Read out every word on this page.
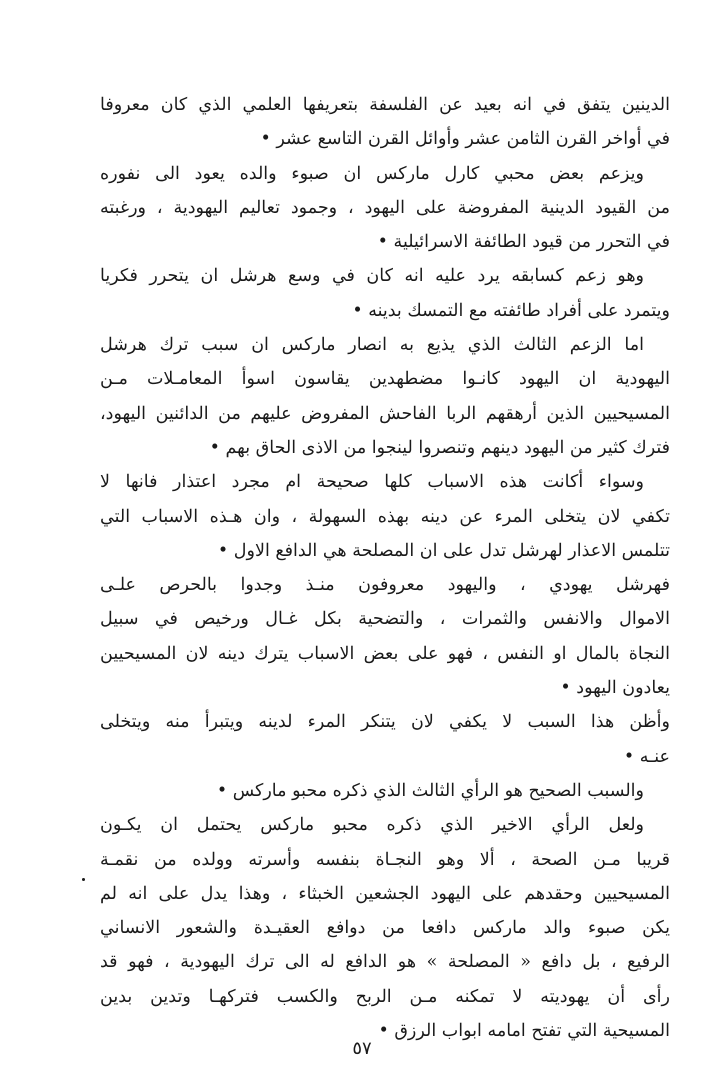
الدينين يتفق في انه بعيد عن الفلسفة بتعريفها العلمي الذي كان معروفا
في أواخر القرن الثامن عشر وأوائل القرن التاسع عشر •
ويزعم بعض محبي كارل ماركس ان صبوء والده يعود الى نفوره
من القيود الدينية المفروضة على اليهود ، وجمود تعاليم اليهودية ، ورغبته
في التحرر من قيود الطائفة الاسرائيلية •
وهو زعم كسابقه يرد عليه انه كان في وسع هرشل ان يتحرر فكريا
ويتمرد على أفراد طائفته مع التمسك بدينه •
اما الزعم الثالث الذي يذيع به انصار ماركس ان سبب ترك هرشل
اليهودية ان اليهود كانـوا مضطهدين يقاسون اسوأ المعامـلات مـن
المسيحيين الذين أرهقهم الربا الفاحش المفروض عليهم من الدائنين اليهود،
فترك كثير من اليهود دينهم وتنصروا لينجوا من الاذى الحاق بهم •
وسواء أكانت هذه الاسباب كلها صحيحة ام مجرد اعتذار فانها لا
تكفي لان يتخلى المرء عن دينه بهذه السهولة ، وان هـذه الاسباب التي
تتلمس الاعذار لهرشل تدل على ان المصلحة هي الدافع الاول •
فهرشل يهودي ، واليهود معروفون منـذ وجدوا بالحرص علـى
الاموال والانفس والثمرات ، والتضحية بكل غـال ورخيص في سبيل
النجاة بالمال او النفس ، فهو على بعض الاسباب يترك دينه لان المسيحيين
يعادون اليهود •
وأظن هذا السبب لا يكفي لان يتنكر المرء لدينه ويتبرأ منه ويتخلى
عنـه •
والسبب الصحيح هو الرأي الثالث الذي ذكره محبو ماركس •
ولعل الرأي الاخير الذي ذكره محبو ماركس يحتمل ان يكـون
قريبا مـن الصحة ، ألا وهو النجـاة بنفسه وأسرته وولده من نقمـة
المسيحيين وحقدهم على اليهود الجشعين الخبثاء ، وهذا يدل على انه لم
يكن صبوء والد ماركس دافعا من دوافع العقيـدة والشعور الانساني
الرفيع ، بل دافع « المصلحة » هو الدافع له الى ترك اليهودية ، فهو قد
رأى أن يهوديته لا تمكنه مـن الربح والكسب فتركهـا وتدين بدين
المسيحية التي تفتح امامه ابواب الرزق •
٥٧
